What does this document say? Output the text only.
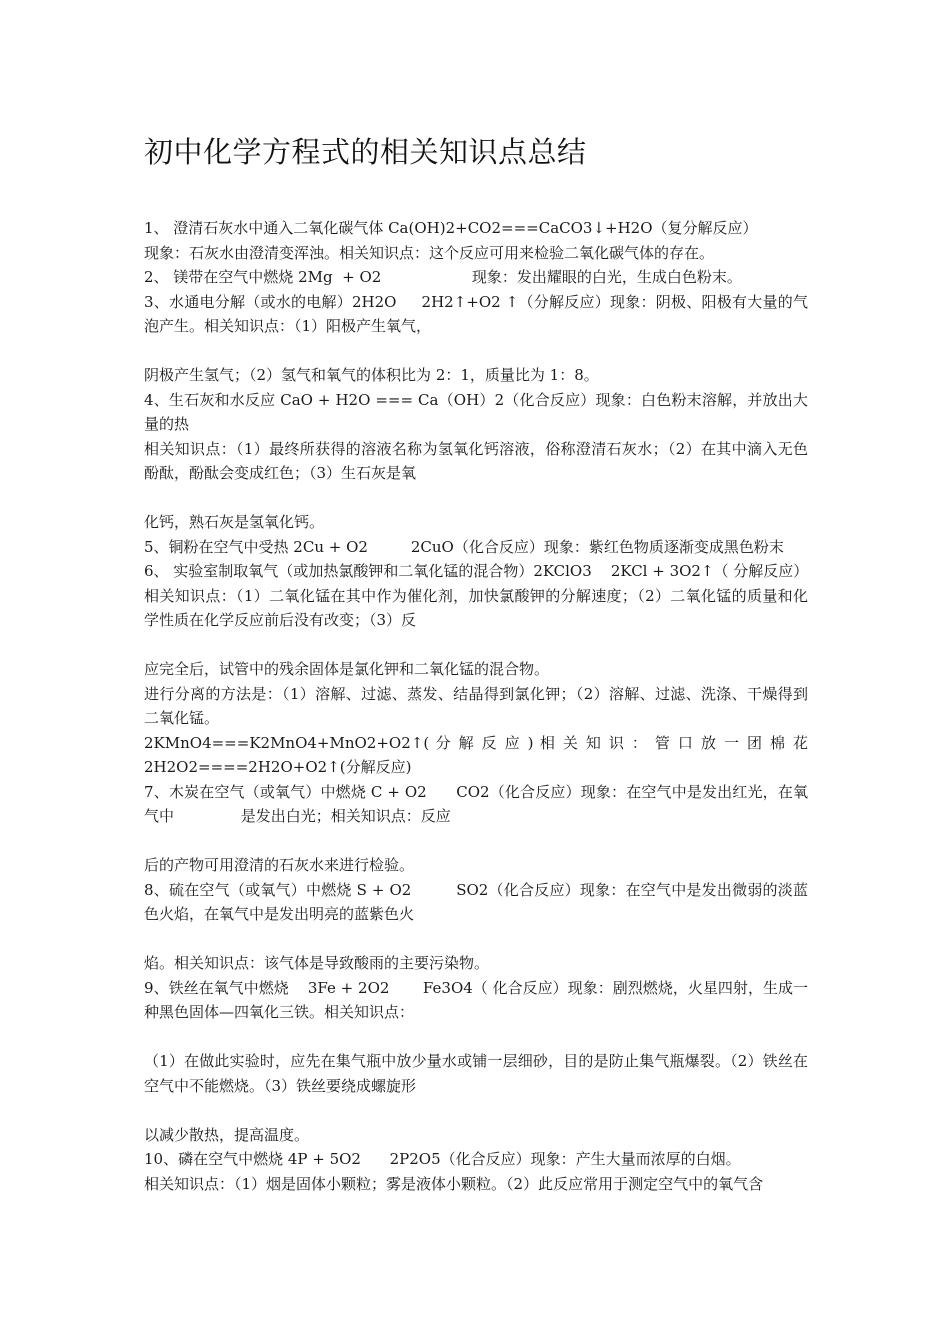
初中化学方程式的相关知识点总结

1、 澄清石灰水中通入二氧化碳气体 Ca(OH)2+CO2===CaCO3↓+H2O（复分解反应）

现象：石灰水由澄清变浑浊。相关知识点：这个反应可用来检验二氧化碳气体的存在。

2、 镁带在空气中燃烧 2Mg  + O2                   现象：发出耀眼的白光，生成白色粉末。

3、水通电分解（或水的电解）2H2O     2H2↑+O2 ↑（分解反应）现象：阴极、阳极有大量的气泡产生。相关知识点：（1）阳极产生氧气，

阴极产生氢气；（2）氢气和氧气的体积比为 2：1，质量比为 1：8。

4、生石灰和水反应 CaO + H2O === Ca（OH）2（化合反应）现象：白色粉末溶解，并放出大量的热

相关知识点：（1）最终所获得的溶液名称为氢氧化钙溶液，俗称澄清石灰水；（2）在其中滴入无色酚酞，酚酞会变成红色；（3）生石灰是氧

化钙，熟石灰是氢氧化钙。

5、铜粉在空气中受热 2Cu + O2         2CuO（化合反应）现象：紫红色物质逐渐变成黑色粉末

6、 实验室制取氧气（或加热氯酸钾和二氧化锰的混合物）2KClO3    2KCl + 3O2↑（ 分解反应）

相关知识点：（1）二氧化锰在其中作为催化剂，加快氯酸钾的分解速度；（2）二氧化锰的质量和化学性质在化学反应前后没有改变；（3）反

应完全后，试管中的残余固体是氯化钾和二氧化锰的混合物。

进行分离的方法是：（1）溶解、过滤、蒸发、结晶得到氯化钾；（2）溶解、过滤、洗涤、干燥得到二氧化锰。

2KMnO4===K2MnO4+MnO2+O2↑( 分 解 反 应 ) 相 关 知 识 ： 管 口 放 一 团 棉 花

2H2O2====2H2O+O2↑(分解反应)

7、木炭在空气（或氧气）中燃烧 C + O2      CO2（化合反应）现象：在空气中是发出红光，在氧气中              是发出白光；相关知识点：反应

后的产物可用澄清的石灰水来进行检验。

8、硫在空气（或氧气）中燃烧 S + O2         SO2（化合反应）现象：在空气中是发出微弱的淡蓝色火焰，在氧气中是发出明亮的蓝紫色火

焰。相关知识点：该气体是导致酸雨的主要污染物。

9、铁丝在氧气中燃烧    3Fe + 2O2       Fe3O4（ 化合反应）现象：剧烈燃烧，火星四射，生成一种黑色固体—四氧化三铁。相关知识点：

（1）在做此实验时，应先在集气瓶中放少量水或铺一层细砂，目的是防止集气瓶爆裂。（2）铁丝在空气中不能燃烧。（3）铁丝要绕成螺旋形

以减少散热，提高温度。

10、磷在空气中燃烧 4P + 5O2      2P2O5（化合反应）现象：产生大量而浓厚的白烟。

相关知识点：（1）烟是固体小颗粒；雾是液体小颗粒。（2）此反应常用于测定空气中的氧气含
